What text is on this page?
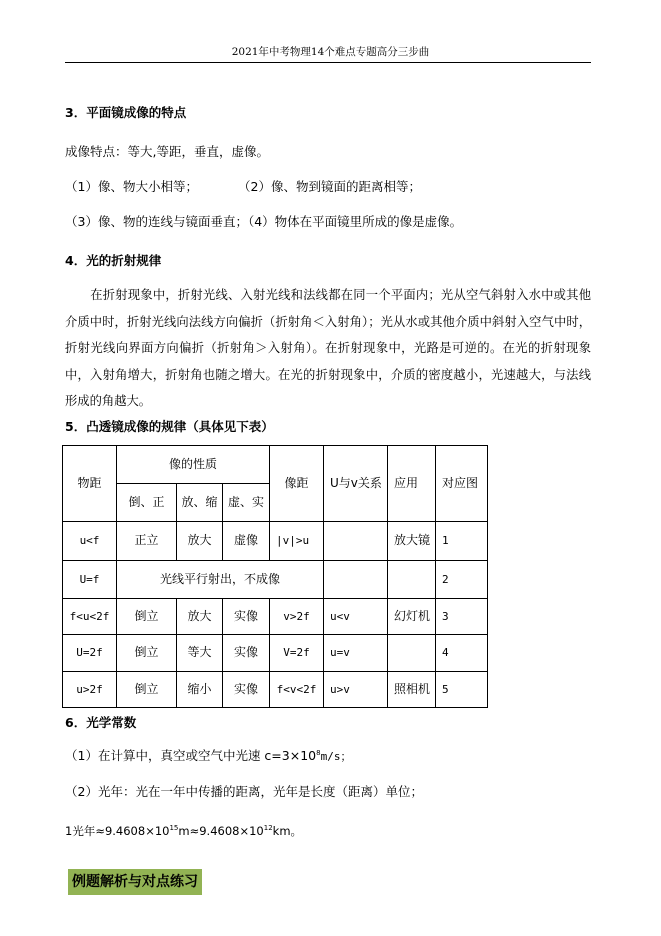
2021年中考物理14个难点专题高分三步曲
3．平面镜成像的特点
成像特点：等大,等距，垂直，虚像。
（1）像、物大小相等；	（2）像、物到镜面的距离相等；
（3）像、物的连线与镜面垂直；（4）物体在平面镜里所成的像是虚像。
4．光的折射规律
在折射现象中，折射光线、入射光线和法线都在同一个平面内；光从空气斜射入水中或其他介质中时，折射光线向法线方向偏折（折射角＜入射角）；光从水或其他介质中斜射入空气中时，折射光线向界面方向偏折（折射角＞入射角）。在折射现象中，光路是可逆的。在光的折射现象中，入射角增大，折射角也随之增大。在光的折射现象中，介质的密度越小，光速越大，与法线形成的角越大。
5．凸透镜成像的规律（具体见下表）
物距	像的性质			像距	U与v关系	应用	对应图
	倒、正	放、缩	虚、实				
u<f	正立	放大	虚像	|v|>u		放大镜	1
U=f	光线平行射出，不成像						2
f<u<2f	倒立	放大	实像	v>2f	u<v	幻灯机	3
U=2f	倒立	等大	实像	V=2f	u=v		4
u>2f	倒立	缩小	实像	f<v<2f	u>v	照相机	5
6．光学常数
（1）在计算中，真空或空气中光速 $c=3\times 10^8m/s$；
（2）光年：光在一年中传播的距离，光年是长度（距离）单位；
1光年$\approx 9.4608\times 10^{15}m\approx 9.4608\times 10^{12}km$。
例题解析与对点练习
